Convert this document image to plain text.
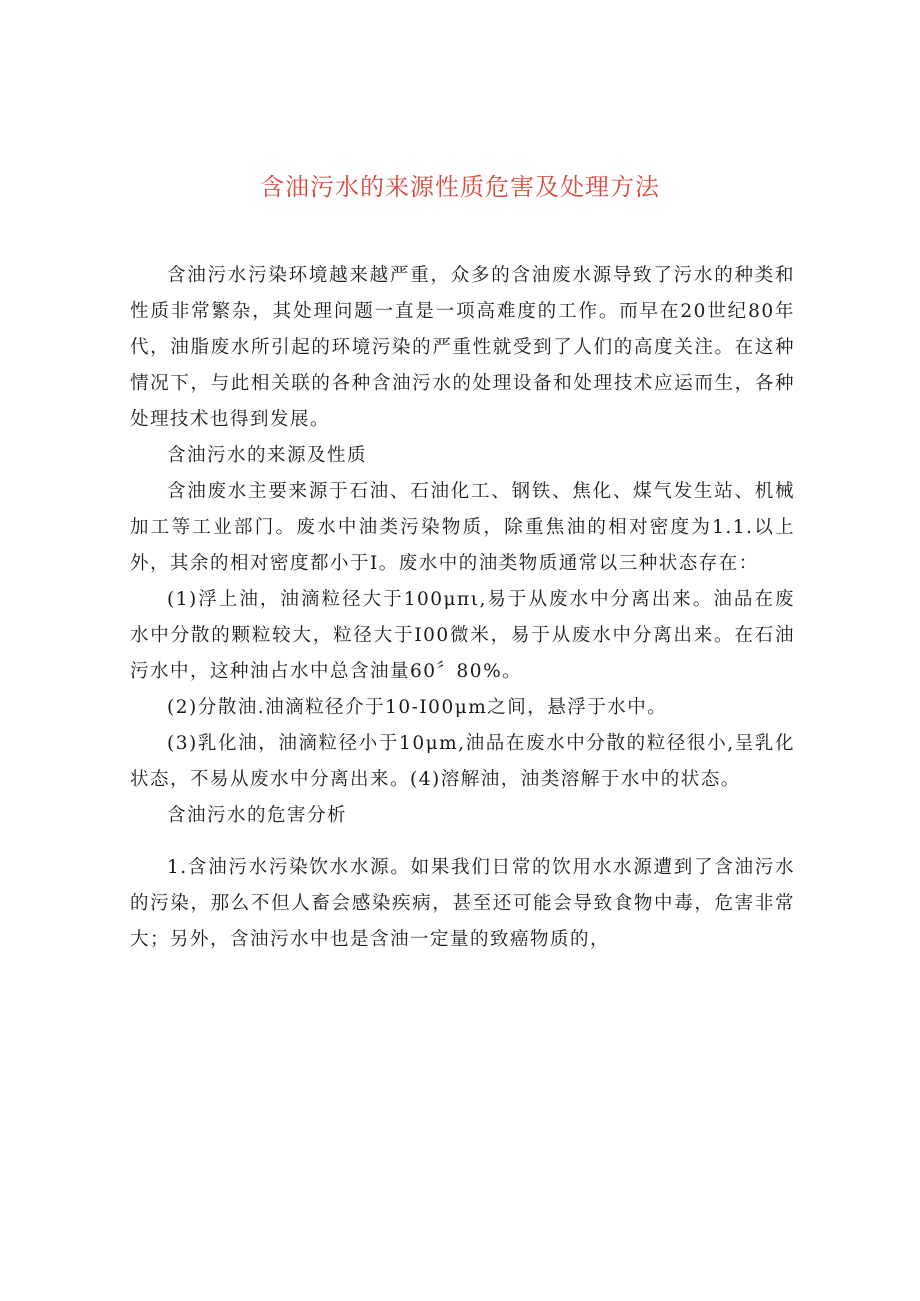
含油污水的来源性质危害及处理方法

含油污水污染环境越来越严重，众多的含油废水源导致了污水的种类和性质非常繁杂，其处理问题一直是一项高难度的工作。而早在20世纪80年代，油脂废水所引起的环境污染的严重性就受到了人们的高度关注。在这种情况下，与此相关联的各种含油污水的处理设备和处理技术应运而生，各种处理技术也得到发展。

含油污水的来源及性质

含油废水主要来源于石油、石油化工、钢铁、焦化、煤气发生站、机械加工等工业部门。废水中油类污染物质，除重焦油的相对密度为1.1.以上外，其余的相对密度都小于I。废水中的油类物质通常以三种状态存在：

(1)浮上油，油滴粒径大于100μπι,易于从废水中分离出来。油品在废水中分散的颗粒较大，粒径大于I00微米，易于从废水中分离出来。在石油污水中，这种油占水中总含油量60〞80%。

(2)分散油.油滴粒径介于10-I00μm之间，悬浮于水中。

(3)乳化油，油滴粒径小于10μm,油品在废水中分散的粒径很小,呈乳化状态，不易从废水中分离出来。(4)溶解油，油类溶解于水中的状态。

含油污水的危害分析

1.含油污水污染饮水水源。如果我们日常的饮用水水源遭到了含油污水的污染，那么不但人畜会感染疾病，甚至还可能会导致食物中毒，危害非常大；另外，含油污水中也是含油一定量的致癌物质的，
